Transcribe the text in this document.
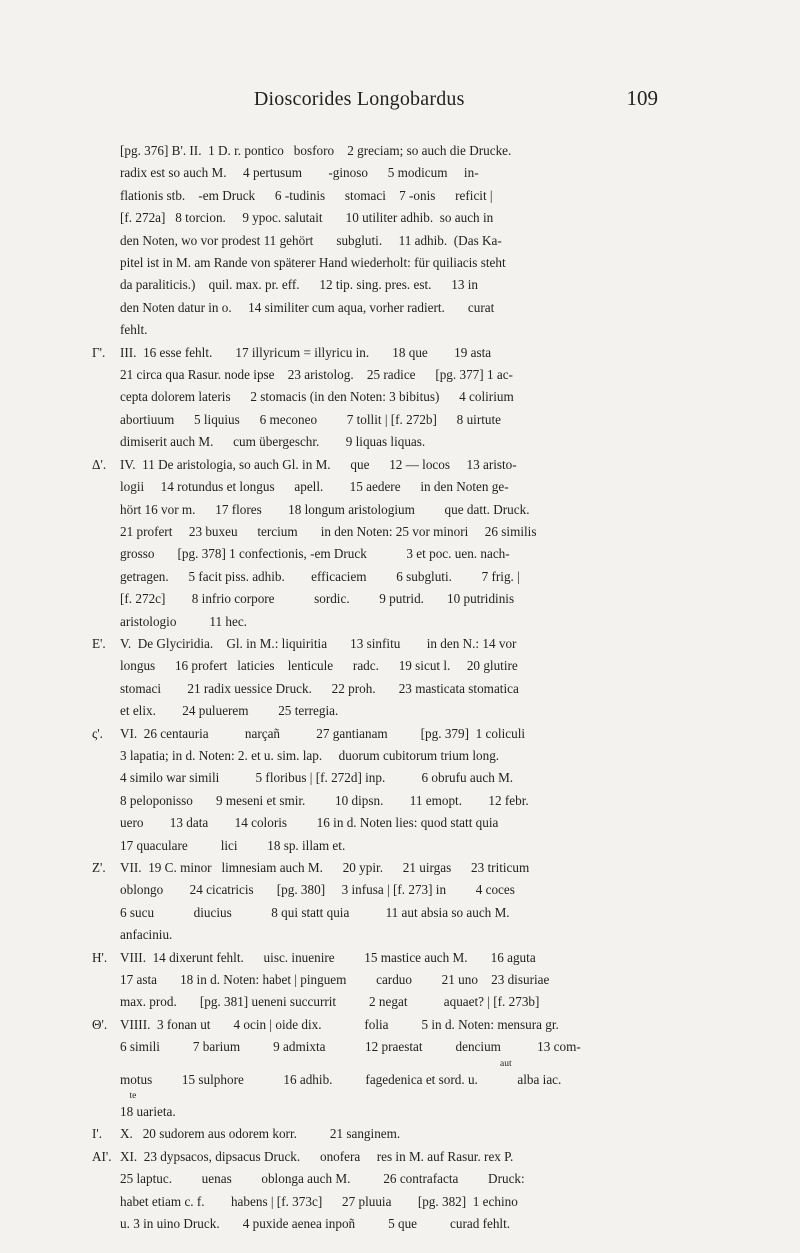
Dioscorides Longobardus	109
[pg. 376] B'. II.  1 D. r. pontico   bosforo    2 greciam; so auch die Drucke.
radix est so auch M.     4 pertusum        -ginoso      5 modicum     in-
flationis stb.    -em Druck      6 -tudinis      stomaci    7 -onis      reficit |
[f. 272a]   8 torcion.     9 ypoc. salutait       10 utiliter adhib.  so auch in
den Noten, wo vor prodest 11 gehört       subgluti.     11 adhib.  (Das Ka-
pitel ist in M. am Rande von späterer Hand wiederholt: für quiliacis steht
da paraliticis.)    quil. max. pr. eff.      12 tip. sing. pres. est.      13 in
den Noten datur in o.     14 similiter cum aqua, vorher radiert.       curat
fehlt.
Γ'. III.  16 esse fehlt.       17 illyricum = illyricu in.       18 que        19 asta
21 circa qua Rasur. node ipse    23 aristolog.    25 radice      [pg. 377] 1 ac-
cepta dolorem lateris      2 stomacis (in den Noten: 3 bibitus)      4 colirium
abortiuum      5 liquius      6 meconeo         7 tollit | [f. 272b]      8 uirtute
dimiserit auch M.      cum übergeschr.        9 liquas liquas.
Δ'. IV.  11 De aristologia, so auch Gl. in M.      que      12 — locos     13 aristo-
logii     14 rotundus et longus      apell.        15 aedere      in den Noten ge-
hört 16 vor m.      17 flores        18 longum aristologium         que datt. Druck.
21 profert     23 buxeu      tercium       in den Noten: 25 vor minori     26 similis
grosso       [pg. 378] 1 confectionis, -em Druck            3 et poc. uen. nach-
getragen.      5 facit piss. adhib.        efficaciem         6 subgluti.         7 frig. |
[f. 272c]        8 infrio corpore            sordic.         9 putrid.       10 putridinis
aristologio          11 hec.
E'. V.  De Glyciridia.    Gl. in M.: liquiritia       13 sinfitu        in den N.: 14 vor
longus      16 profert   laticies    lenticule      radc.      19 sicut l.     20 glutire
stomaci        21 radix uessice Druck.      22 proh.       23 masticata stomatica
et elix.        24 puluerem         25 terregia.
ς'. VI.  26 centauria           narçañ           27 gantianam          [pg. 379]  1 coliculi
3 lapatia; in d. Noten: 2. et u. sim. lap.     duorum cubitorum trium long.
4 similo war simili           5 floribus | [f. 272d] inp.           6 obrufu auch M.
8 peloponisso       9 meseni et smir.         10 dipsn.        11 emopt.        12 febr.
uero        13 data        14 coloris         16 in d. Noten lies: quod statt quia
17 quaculare          lici         18 sp. illam et.
Z'. VII.  19 C. minor   limnesiam auch M.      20 ypir.      21 uirgas      23 triticum
oblongo        24 cicatricis       [pg. 380]     3 infusa | [f. 273] in         4 coces
6 sucu            diucius            8 qui statt quia           11 aut absia so auch M.
anfaciniu.
H'. VIII.  14 dixerunt fehlt.      uisc. inuenire         15 mastice auch M.       16 aguta
17 asta       18 in d. Noten: habet | pinguem         carduo         21 uno    23 disuriae
max. prod.       [pg. 381] ueneni succurrit          2 negat           aquaet? | [f. 273b]
Θ'. VIIII.  3 fonan ut       4 ocin | oide dix.             folia          5 in d. Noten: mensura gr.
6 simili          7 barium          9 admixta            12 praestat          dencium           13 com-
aut
motus         15 sulphore            16 adhib.          fagedenica et sord. u.            alba iac.
te
18 uarieta.
I'. X.   20 sudorem aus odorem korr.          21 sanginem.
AI'. XI.  23 dypsacos, dipsacus Druck.      onofera     res in M. auf Rasur. rex P.
25 laptuc.         uenas         oblonga auch M.          26 contrafacta         Druck:
habet etiam c. f.        habens | [f. 373c]      27 pluuia        [pg. 382]  1 echino
u. 3 in uino Druck.       4 puxide aenea inpoñ          5 que          curad fehlt.
